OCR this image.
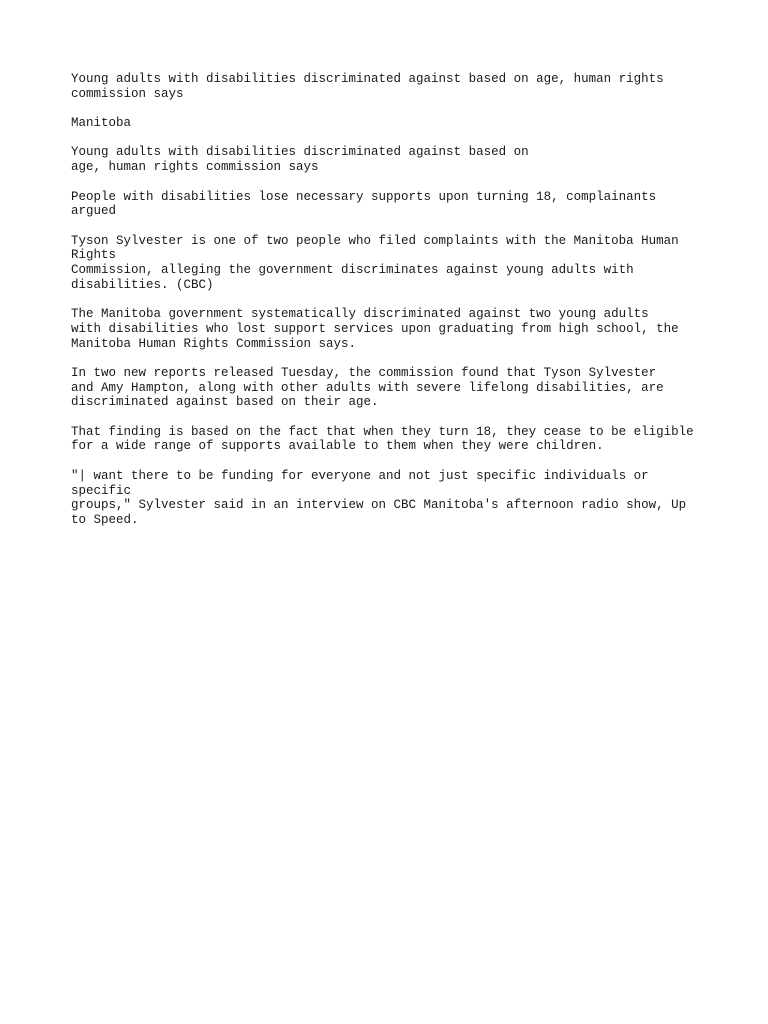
Young adults with disabilities discriminated against based on age, human rights
commission says

Manitoba

Young adults with disabilities discriminated against based on
age, human rights commission says

People with disabilities lose necessary supports upon turning 18, complainants
argued

Tyson Sylvester is one of two people who filed complaints with the Manitoba Human
Rights
Commission, alleging the government discriminates against young adults with
disabilities. (CBC)

The Manitoba government systematically discriminated against two young adults
with disabilities who lost support services upon graduating from high school, the
Manitoba Human Rights Commission says.

In two new reports released Tuesday, the commission found that Tyson Sylvester
and Amy Hampton, along with other adults with severe lifelong disabilities, are
discriminated against based on their age.

That finding is based on the fact that when they turn 18, they cease to be eligible
for a wide range of supports available to them when they were children.

"| want there to be funding for everyone and not just specific individuals or
specific
groups," Sylvester said in an interview on CBC Manitoba's afternoon radio show, Up
to Speed.
